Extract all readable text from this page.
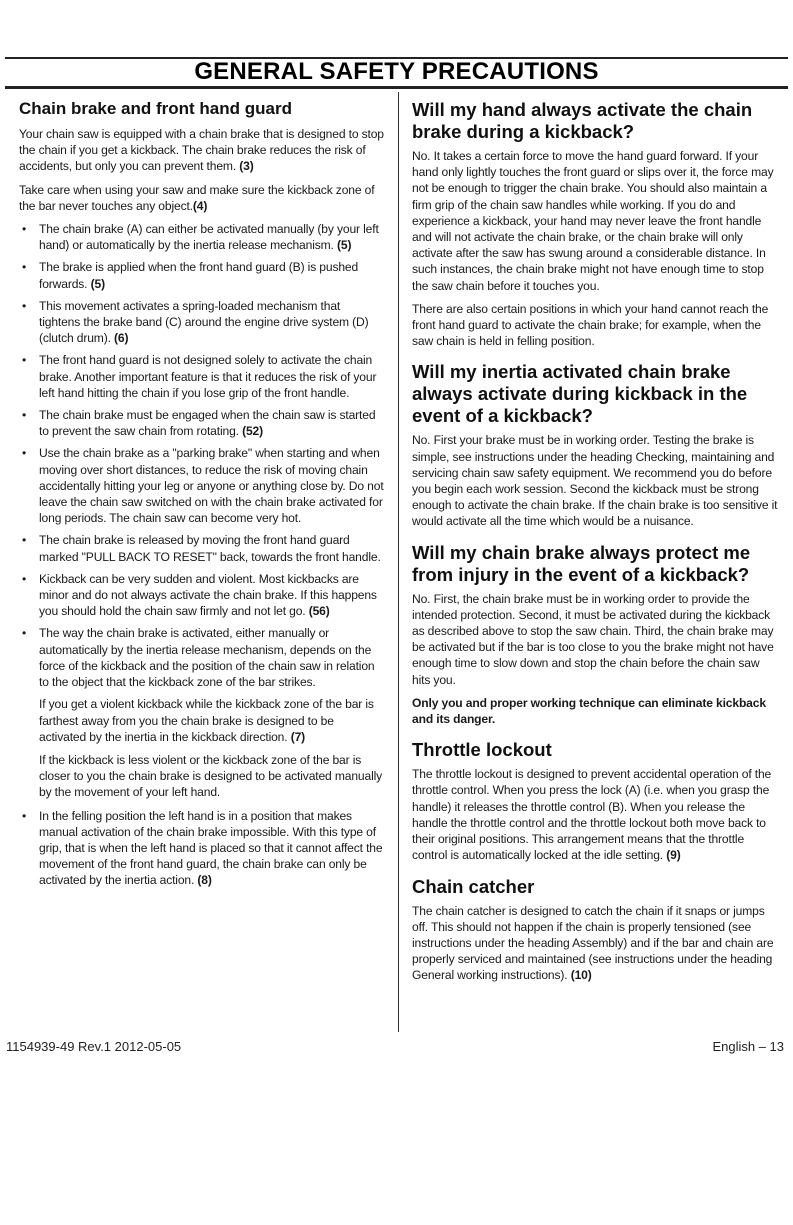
GENERAL SAFETY PRECAUTIONS
Chain brake and front hand guard

Your chain saw is equipped with a chain brake that is designed to stop the chain if you get a kickback. The chain brake reduces the risk of accidents, but only you can prevent them. (3)

Take care when using your saw and make sure the kickback zone of the bar never touches any object.(4)

• The chain brake (A) can either be activated manually (by your left hand) or automatically by the inertia release mechanism. (5)
• The brake is applied when the front hand guard (B) is pushed forwards. (5)
• This movement activates a spring-loaded mechanism that tightens the brake band (C) around the engine drive system (D) (clutch drum). (6)
• The front hand guard is not designed solely to activate the chain brake. Another important feature is that it reduces the risk of your left hand hitting the chain if you lose grip of the front handle.
• The chain brake must be engaged when the chain saw is started to prevent the saw chain from rotating. (52)
• Use the chain brake as a "parking brake" when starting and when moving over short distances, to reduce the risk of moving chain accidentally hitting your leg or anyone or anything close by. Do not leave the chain saw switched on with the chain brake activated for long periods. The chain saw can become very hot.
• The chain brake is released by moving the front hand guard marked "PULL BACK TO RESET" back, towards the front handle.
• Kickback can be very sudden and violent. Most kickbacks are minor and do not always activate the chain brake. If this happens you should hold the chain saw firmly and not let go. (56)
• The way the chain brake is activated, either manually or automatically by the inertia release mechanism, depends on the force of the kickback and the position of the chain saw in relation to the object that the kickback zone of the bar strikes.

If you get a violent kickback while the kickback zone of the bar is farthest away from you the chain brake is designed to be activated by the inertia in the kickback direction. (7)

If the kickback is less violent or the kickback zone of the bar is closer to you the chain brake is designed to be activated manually by the movement of your left hand.

• In the felling position the left hand is in a position that makes manual activation of the chain brake impossible. With this type of grip, that is when the left hand is placed so that it cannot affect the movement of the front hand guard, the chain brake can only be activated by the inertia action. (8)
Will my hand always activate the chain brake during a kickback?

No. It takes a certain force to move the hand guard forward. If your hand only lightly touches the front guard or slips over it, the force may not be enough to trigger the chain brake. You should also maintain a firm grip of the chain saw handles while working. If you do and experience a kickback, your hand may never leave the front handle and will not activate the chain brake, or the chain brake will only activate after the saw has swung around a considerable distance. In such instances, the chain brake might not have enough time to stop the saw chain before it touches you.

There are also certain positions in which your hand cannot reach the front hand guard to activate the chain brake; for example, when the saw chain is held in felling position.

Will my inertia activated chain brake always activate during kickback in the event of a kickback?

No. First your brake must be in working order. Testing the brake is simple, see instructions under the heading Checking, maintaining and servicing chain saw safety equipment. We recommend you do before you begin each work session. Second the kickback must be strong enough to activate the chain brake. If the chain brake is too sensitive it would activate all the time which would be a nuisance.

Will my chain brake always protect me from injury in the event of a kickback?

No. First, the chain brake must be in working order to provide the intended protection. Second, it must be activated during the kickback as described above to stop the saw chain. Third, the chain brake may be activated but if the bar is too close to you the brake might not have enough time to slow down and stop the chain before the chain saw hits you.

Only you and proper working technique can eliminate kickback and its danger.

Throttle lockout

The throttle lockout is designed to prevent accidental operation of the throttle control. When you press the lock (A) (i.e. when you grasp the handle) it releases the throttle control (B). When you release the handle the throttle control and the throttle lockout both move back to their original positions. This arrangement means that the throttle control is automatically locked at the idle setting. (9)

Chain catcher

The chain catcher is designed to catch the chain if it snaps or jumps off. This should not happen if the chain is properly tensioned (see instructions under the heading Assembly) and if the bar and chain are properly serviced and maintained (see instructions under the heading General working instructions). (10)

1154939-49 Rev.1 2012-05-05	English – 13
